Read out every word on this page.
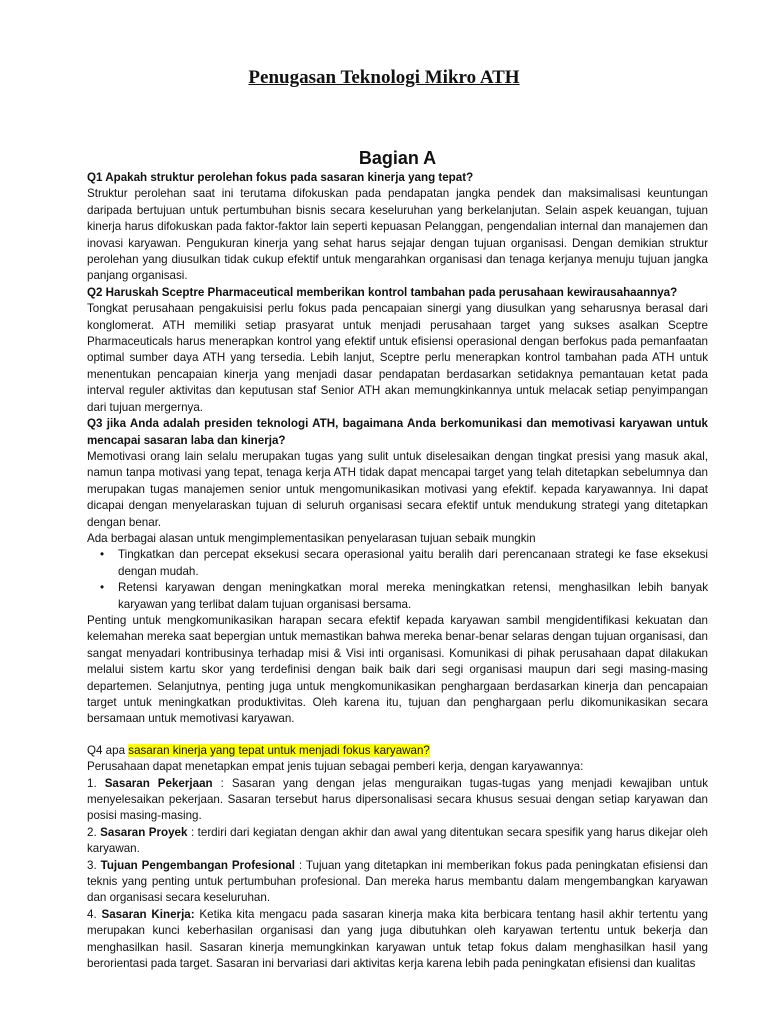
Penugasan Teknologi Mikro ATH
Bagian A

Q1 Apakah struktur perolehan fokus pada sasaran kinerja yang tepat?

Struktur perolehan saat ini terutama difokuskan pada pendapatan jangka pendek dan maksimalisasi keuntungan daripada bertujuan untuk pertumbuhan bisnis secara keseluruhan yang berkelanjutan. Selain aspek keuangan, tujuan kinerja harus difokuskan pada faktor-faktor lain seperti kepuasan Pelanggan, pengendalian internal dan manajemen dan inovasi karyawan. Pengukuran kinerja yang sehat harus sejajar dengan tujuan organisasi. Dengan demikian struktur perolehan yang diusulkan tidak cukup efektif untuk mengarahkan organisasi dan tenaga kerjanya menuju tujuan jangka panjang organisasi.

Q2 Haruskah Sceptre Pharmaceutical memberikan kontrol tambahan pada perusahaan kewirausahaannya?

Tongkat perusahaan pengakuisisi perlu fokus pada pencapaian sinergi yang diusulkan yang seharusnya berasal dari konglomerat. ATH memiliki setiap prasyarat untuk menjadi perusahaan target yang sukses asalkan Sceptre Pharmaceuticals harus menerapkan kontrol yang efektif untuk efisiensi operasional dengan berfokus pada pemanfaatan optimal sumber daya ATH yang tersedia. Lebih lanjut, Sceptre perlu menerapkan kontrol tambahan pada ATH untuk menentukan pencapaian kinerja yang menjadi dasar pendapatan berdasarkan setidaknya pemantauan ketat pada interval reguler aktivitas dan keputusan staf Senior ATH akan memungkinkannya untuk melacak setiap penyimpangan dari tujuan mergernya.

Q3 jika Anda adalah presiden teknologi ATH, bagaimana Anda berkomunikasi dan memotivasi karyawan untuk mencapai sasaran laba dan kinerja?

Memotivasi orang lain selalu merupakan tugas yang sulit untuk diselesaikan dengan tingkat presisi yang masuk akal, namun tanpa motivasi yang tepat, tenaga kerja ATH tidak dapat mencapai target yang telah ditetapkan sebelumnya dan merupakan tugas manajemen senior untuk mengomunikasikan motivasi yang efektif. kepada karyawannya. Ini dapat dicapai dengan menyelaraskan tujuan di seluruh organisasi secara efektif untuk mendukung strategi yang ditetapkan dengan benar.

Ada berbagai alasan untuk mengimplementasikan penyelarasan tujuan sebaik mungkin

• Tingkatkan dan percepat eksekusi secara operasional yaitu beralih dari perencanaan strategi ke fase eksekusi dengan mudah.
• Retensi karyawan dengan meningkatkan moral mereka meningkatkan retensi, menghasilkan lebih banyak karyawan yang terlibat dalam tujuan organisasi bersama.

Penting untuk mengkomunikasikan harapan secara efektif kepada karyawan sambil mengidentifikasi kekuatan dan kelemahan mereka saat bepergian untuk memastikan bahwa mereka benar-benar selaras dengan tujuan organisasi, dan sangat menyadari kontribusinya terhadap misi & Visi inti organisasi. Komunikasi di pihak perusahaan dapat dilakukan melalui sistem kartu skor yang terdefinisi dengan baik baik dari segi organisasi maupun dari segi masing-masing departemen. Selanjutnya, penting juga untuk mengkomunikasikan penghargaan berdasarkan kinerja dan pencapaian target untuk meningkatkan produktivitas. Oleh karena itu, tujuan dan penghargaan perlu dikomunikasikan secara bersamaan untuk memotivasi karyawan.

Q4 apa sasaran kinerja yang tepat untuk menjadi fokus karyawan?

Perusahaan dapat menetapkan empat jenis tujuan sebagai pemberi kerja, dengan karyawannya:

1. Sasaran Pekerjaan : Sasaran yang dengan jelas menguraikan tugas-tugas yang menjadi kewajiban untuk menyelesaikan pekerjaan. Sasaran tersebut harus dipersonalisasi secara khusus sesuai dengan setiap karyawan dan posisi masing-masing.

2. Sasaran Proyek : terdiri dari kegiatan dengan akhir dan awal yang ditentukan secara spesifik yang harus dikejar oleh karyawan.

3. Tujuan Pengembangan Profesional : Tujuan yang ditetapkan ini memberikan fokus pada peningkatan efisiensi dan teknis yang penting untuk pertumbuhan profesional. Dan mereka harus membantu dalam mengembangkan karyawan dan organisasi secara keseluruhan.

4. Sasaran Kinerja: Ketika kita mengacu pada sasaran kinerja maka kita berbicara tentang hasil akhir tertentu yang merupakan kunci keberhasilan organisasi dan yang juga dibutuhkan oleh karyawan tertentu untuk bekerja dan menghasilkan hasil. Sasaran kinerja memungkinkan karyawan untuk tetap fokus dalam menghasilkan hasil yang berorientasi pada target. Sasaran ini bervariasi dari aktivitas kerja karena lebih pada peningkatan efisiensi dan kualitas
